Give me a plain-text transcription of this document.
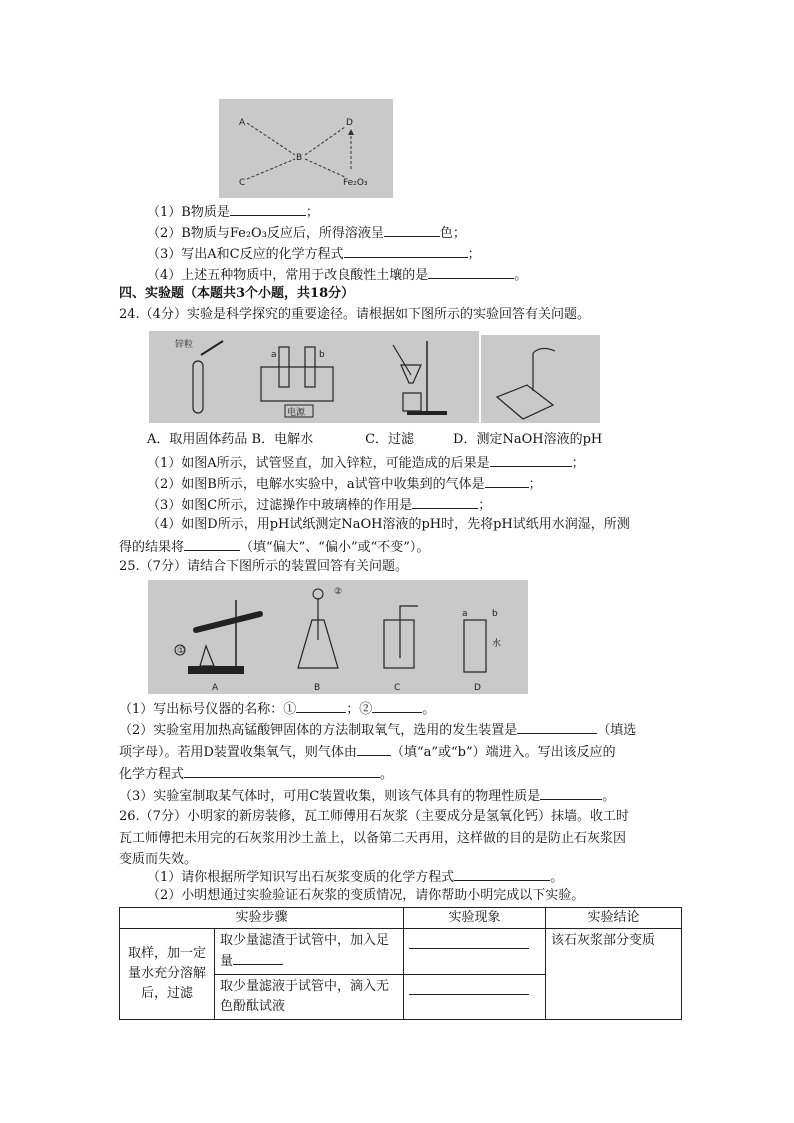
A
C
B
D
Fe₂O₃
（1）B物质是	；
（2）B物质与Fe₂O₃反应后，所得溶液呈	色；
（3）写出A和C反应的化学方程式	；
（4）上述五种物质中，常用于改良酸性土壤的是	。
四、实验题（本题共3个小题，共18分）
24.（4分）实验是科学探究的重要途径。请根据如下图所示的实验回答有关问题。
锌粒
a	b
电源
A．取用固体药品 B．电解水　　　　C．过滤　　　D．测定NaOH溶液的pH
（1）如图A所示，试管竖直，加入锌粒，可能造成的后果是	；
（2）如图B所示，电解水实验中，a试管中收集到的气体是	；
（3）如图C所示，过滤操作中玻璃棒的作用是	；
（4）如图D所示，用pH试纸测定NaOH溶液的pH时，先将pH试纸用水润湿，所测
得的结果将	（填“偏大”、“偏小”或“不变”）。
25.（7分）请结合下图所示的装置回答有关问题。
①
A
②
B	C
a	b
水
D
（1）写出标号仪器的名称：①	；②	。
（2）实验室用加热高锰酸钾固体的方法制取氧气，选用的发生装置是	（填选
项字母）。若用D装置收集氧气，则气体由	（填“a”或“b”）端进入。写出该反应的
化学方程式	。
（3）实验室制取某气体时，可用C装置收集，则该气体具有的物理性质是	。
26.（7分）小明家的新房装修，瓦工师傅用石灰浆（主要成分是氢氧化钙）抹墙。收工时
瓦工师傅把未用完的石灰浆用沙土盖上，以备第二天再用，这样做的目的是防止石灰浆因
变质而失效。
（1）请你根据所学知识写出石灰浆变质的化学方程式	。
（2）小明想通过实验验证石灰浆的变质情况，请你帮助小明完成以下实验。
实验步骤		实验现象	实验结论
取样，加一定量水充分溶解后，过滤	取少量滤渣于试管中，加入足量		该石灰浆部分变质
	取少量滤液于试管中，滴入无色酚酞试液		
